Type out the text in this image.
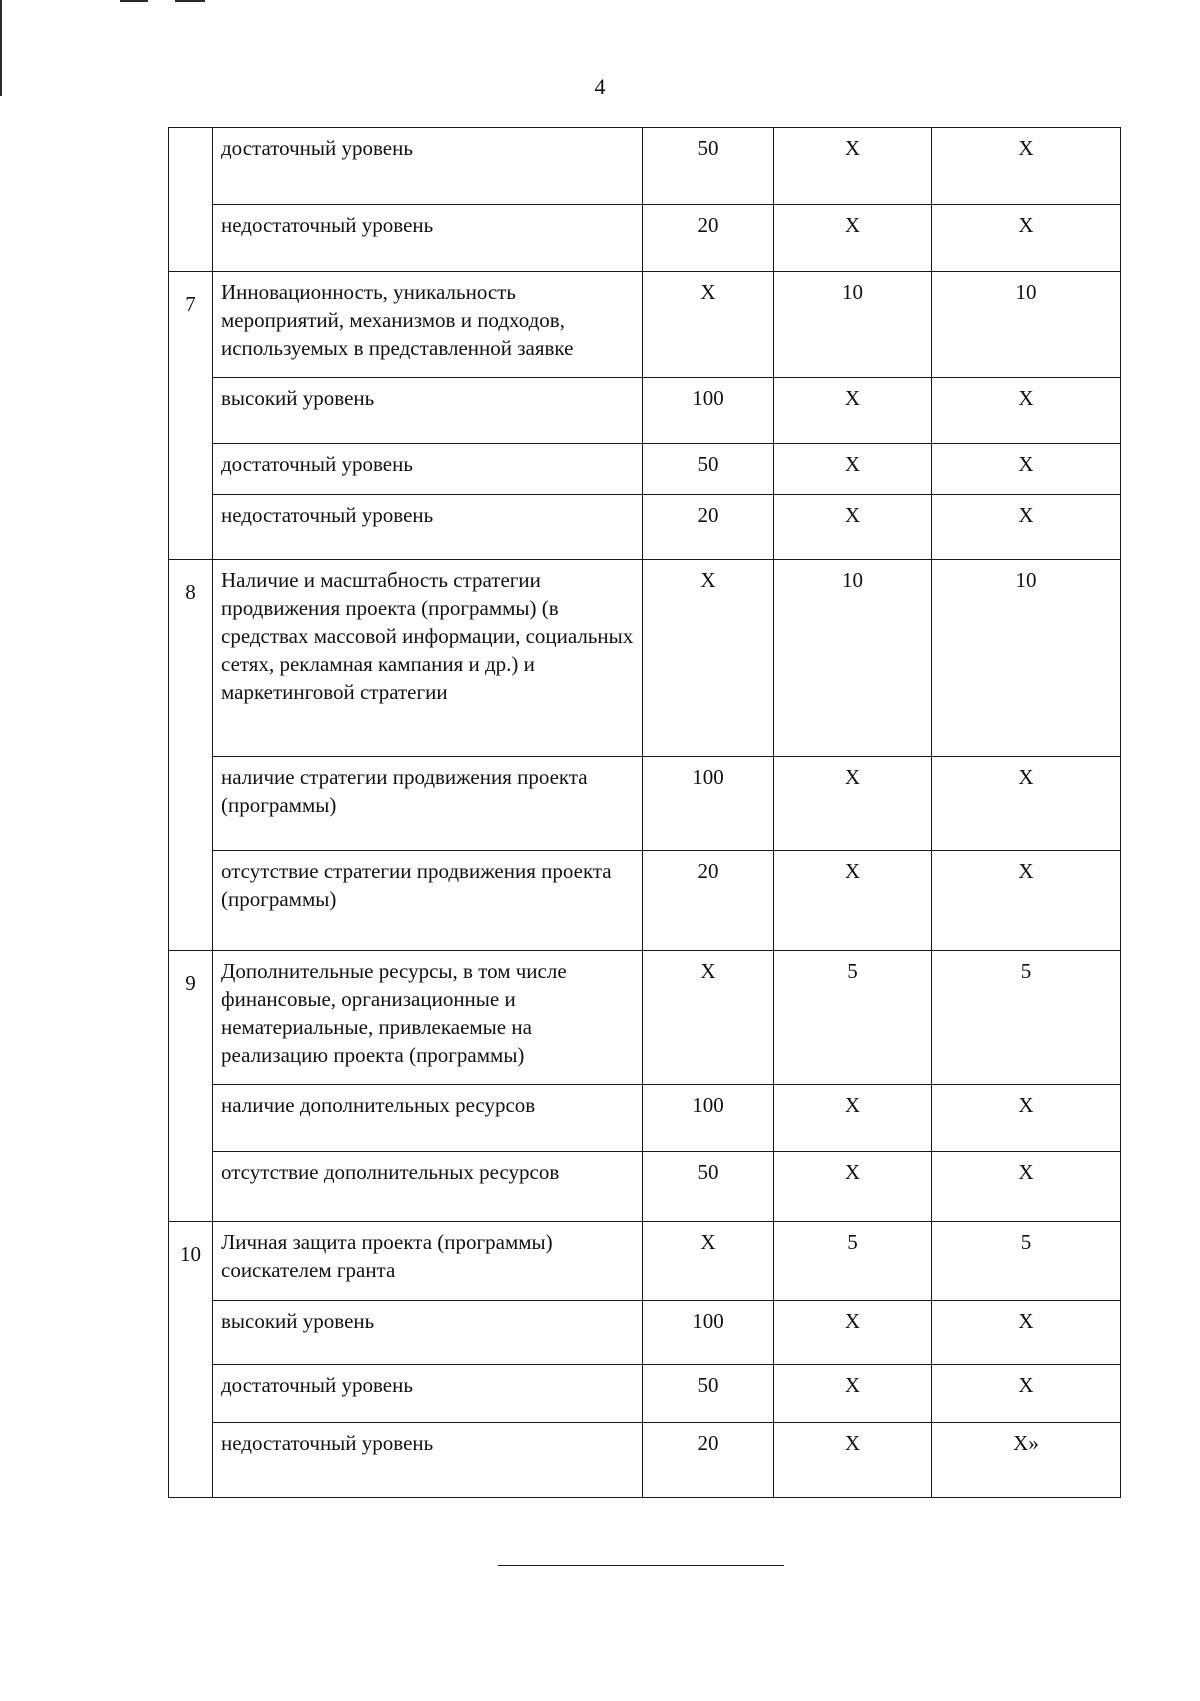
4
	достаточный уровень	50	Х	Х
	недостаточный уровень	20	Х	Х
7	Инновационность, уникальность мероприятий, механизмов и подходов, используемых в представленной заявке	Х	10	10
	высокий уровень	100	Х	Х
	достаточный уровень	50	Х	Х
	недостаточный уровень	20	Х	Х
8	Наличие и масштабность стратегии продвижения проекта (программы) (в средствах массовой информации, социальных сетях, рекламная кампания и др.) и маркетинговой стратегии	Х	10	10
	наличие стратегии продвижения проекта (программы)	100	Х	Х
	отсутствие стратегии продвижения проекта (программы)	20	Х	Х
9	Дополнительные ресурсы, в том числе финансовые, организационные и нематериальные, привлекаемые на реализацию проекта (программы)	Х	5	5
	наличие дополнительных ресурсов	100	Х	Х
	отсутствие дополнительных ресурсов	50	Х	Х
10	Личная защита проекта (программы) соискателем гранта	Х	5	5
	высокий уровень	100	Х	Х
	достаточный уровень	50	Х	Х
	недостаточный уровень	20	Х	Х»
